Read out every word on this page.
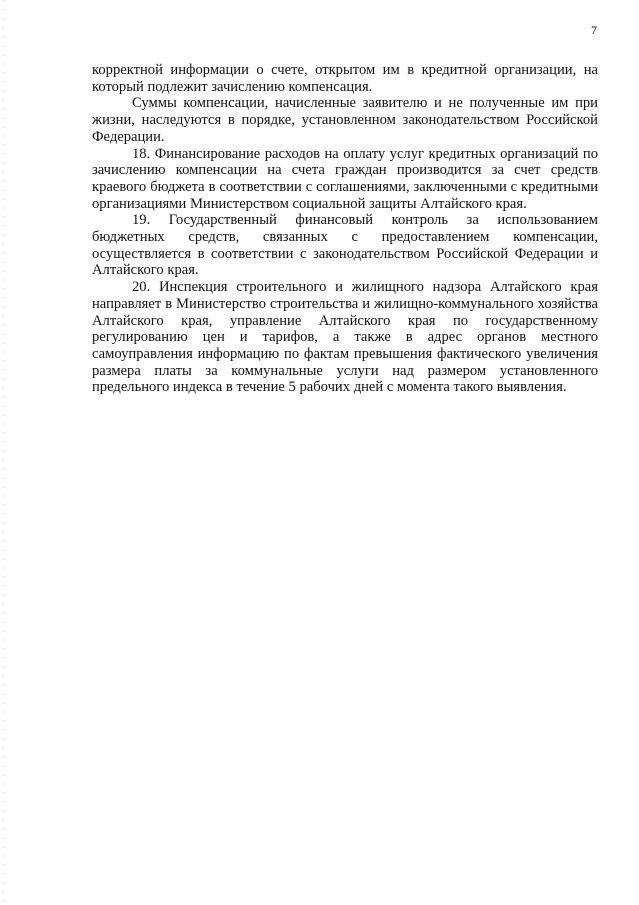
7

корректной информации о счете, открытом им в кредитной организации, на который подлежит зачислению компенсация.

Суммы компенсации, начисленные заявителю и не полученные им при жизни, наследуются в порядке, установленном законодательством Российской Федерации.

18. Финансирование расходов на оплату услуг кредитных организаций по зачислению компенсации на счета граждан производится за счет средств краевого бюджета в соответствии с соглашениями, заключенными с кредитными организациями Министерством социальной защиты Алтайского края.

19. Государственный финансовый контроль за использованием бюджетных средств, связанных с предоставлением компенсации, осуществляется в соответствии с законодательством Российской Федерации и Алтайского края.

20. Инспекция строительного и жилищного надзора Алтайского края направляет в Министерство строительства и жилищно-коммунального хозяйства Алтайского края, управление Алтайского края по государственному регулированию цен и тарифов, а также в адрес органов местного самоуправления информацию по фактам превышения фактического увеличения размера платы за коммунальные услуги над размером установленного предельного индекса в течение 5 рабочих дней с момента такого выявления.
